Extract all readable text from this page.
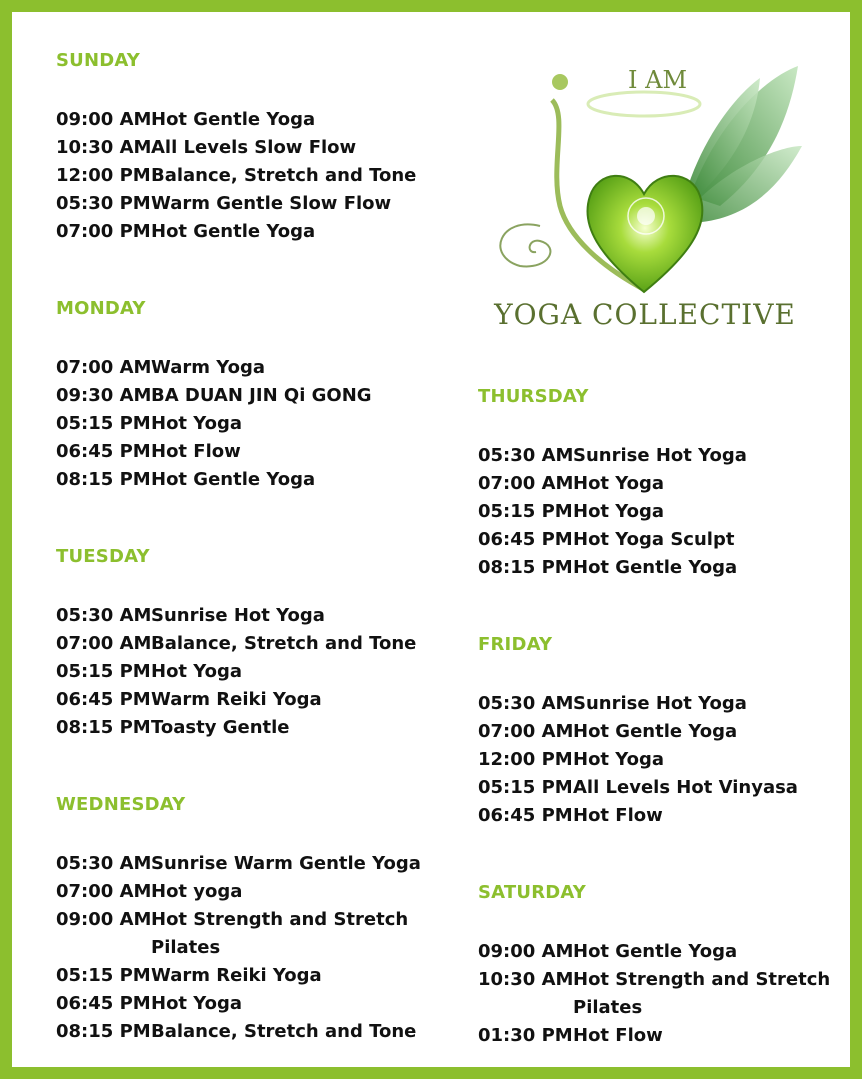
SUNDAY
09:00 AMHot Gentle Yoga
10:30 AMAll Levels Slow Flow
12:00 PMBalance, Stretch and Tone
05:30 PMWarm Gentle Slow Flow
07:00 PMHot Gentle Yoga
MONDAY
07:00 AMWarm Yoga
09:30 AMBA DUAN JIN Qi GONG
05:15 PMHot Yoga
06:45 PMHot Flow
08:15 PMHot Gentle Yoga
TUESDAY
05:30 AMSunrise Hot Yoga
07:00 AMBalance, Stretch and Tone
05:15 PMHot Yoga
06:45 PMWarm Reiki Yoga
08:15 PMToasty Gentle
WEDNESDAY
05:30 AMSunrise Warm Gentle Yoga
07:00 AMHot yoga
09:00 AMHot Strength and Stretch
Pilates
05:15 PMWarm Reiki Yoga
06:45 PMHot Yoga
08:15 PMBalance, Stretch and Tone
I AM
YOGA COLLECTIVE
THURSDAY
05:30 AMSunrise Hot Yoga
07:00 AMHot Yoga
05:15 PMHot Yoga
06:45 PMHot Yoga Sculpt
08:15 PMHot Gentle Yoga
FRIDAY
05:30 AMSunrise Hot Yoga
07:00 AMHot Gentle Yoga
12:00 PMHot Yoga
05:15 PMAll Levels Hot Vinyasa
06:45 PMHot Flow
SATURDAY
09:00 AMHot Gentle Yoga
10:30 AMHot Strength and Stretch
Pilates
01:30 PMHot Flow
